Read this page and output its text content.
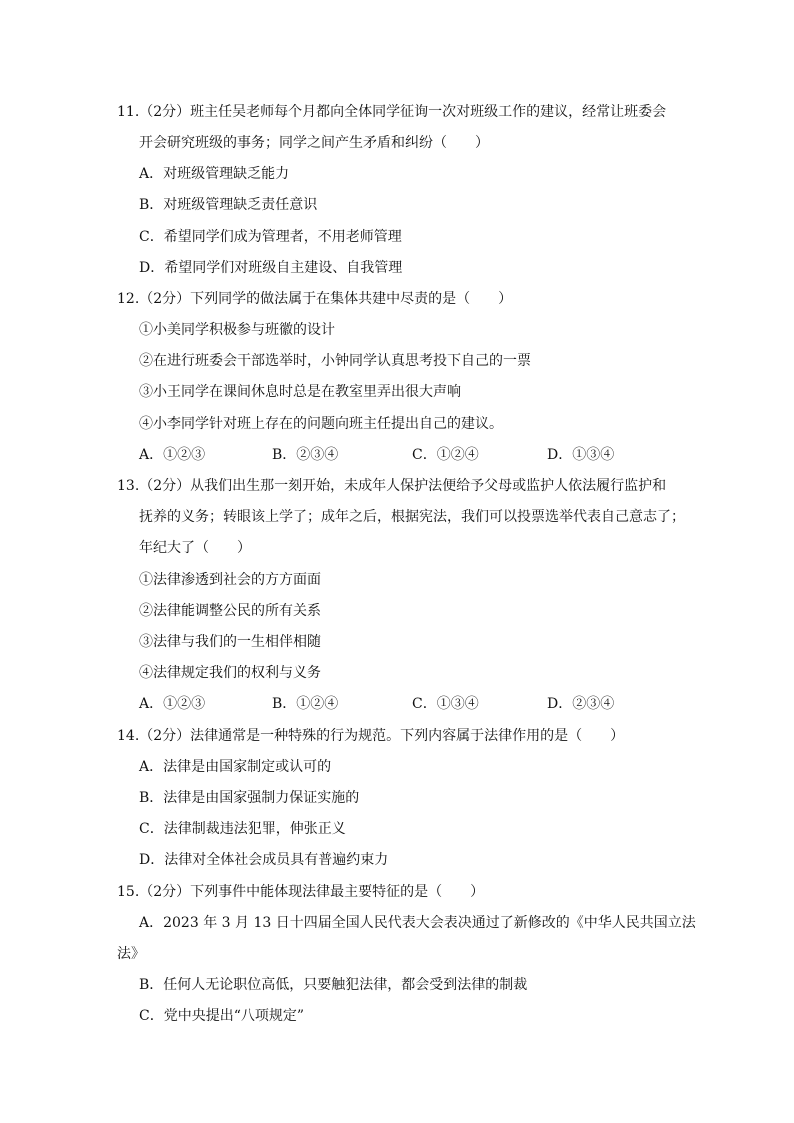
11.（2分）班主任吴老师每个月都向全体同学征询一次对班级工作的建议，经常让班委会
开会研究班级的事务；同学之间产生矛盾和纠纷（　　）
A．对班级管理缺乏能力
B．对班级管理缺乏责任意识
C．希望同学们成为管理者，不用老师管理
D．希望同学们对班级自主建设、自我管理
12.（2分）下列同学的做法属于在集体共建中尽责的是（　　）
①小美同学积极参与班徽的设计
②在进行班委会干部选举时，小钟同学认真思考投下自己的一票
③小王同学在课间休息时总是在教室里弄出很大声响
④小李同学针对班上存在的问题向班主任提出自己的建议。
A．①②③	B．②③④	C．①②④	D．①③④
13.（2分）从我们出生那一刻开始，未成年人保护法便给予父母或监护人依法履行监护和
抚养的义务；转眼该上学了；成年之后，根据宪法，我们可以投票选举代表自己意志了；
年纪大了（　　）
①法律渗透到社会的方方面面
②法律能调整公民的所有关系
③法律与我们的一生相伴相随
④法律规定我们的权利与义务
A．①②③	B．①②④	C．①③④	D．②③④
14.（2分）法律通常是一种特殊的行为规范。下列内容属于法律作用的是（　　）
A．法律是由国家制定或认可的
B．法律是由国家强制力保证实施的
C．法律制裁违法犯罪，伸张正义
D．法律对全体社会成员具有普遍约束力
15.（2分）下列事件中能体现法律最主要特征的是（　　）
A．2023 年 3 月 13 日十四届全国人民代表大会表决通过了新修改的《中华人民共国立法
法》
B．任何人无论职位高低，只要触犯法律，都会受到法律的制裁
C．党中央提出“八项规定”
